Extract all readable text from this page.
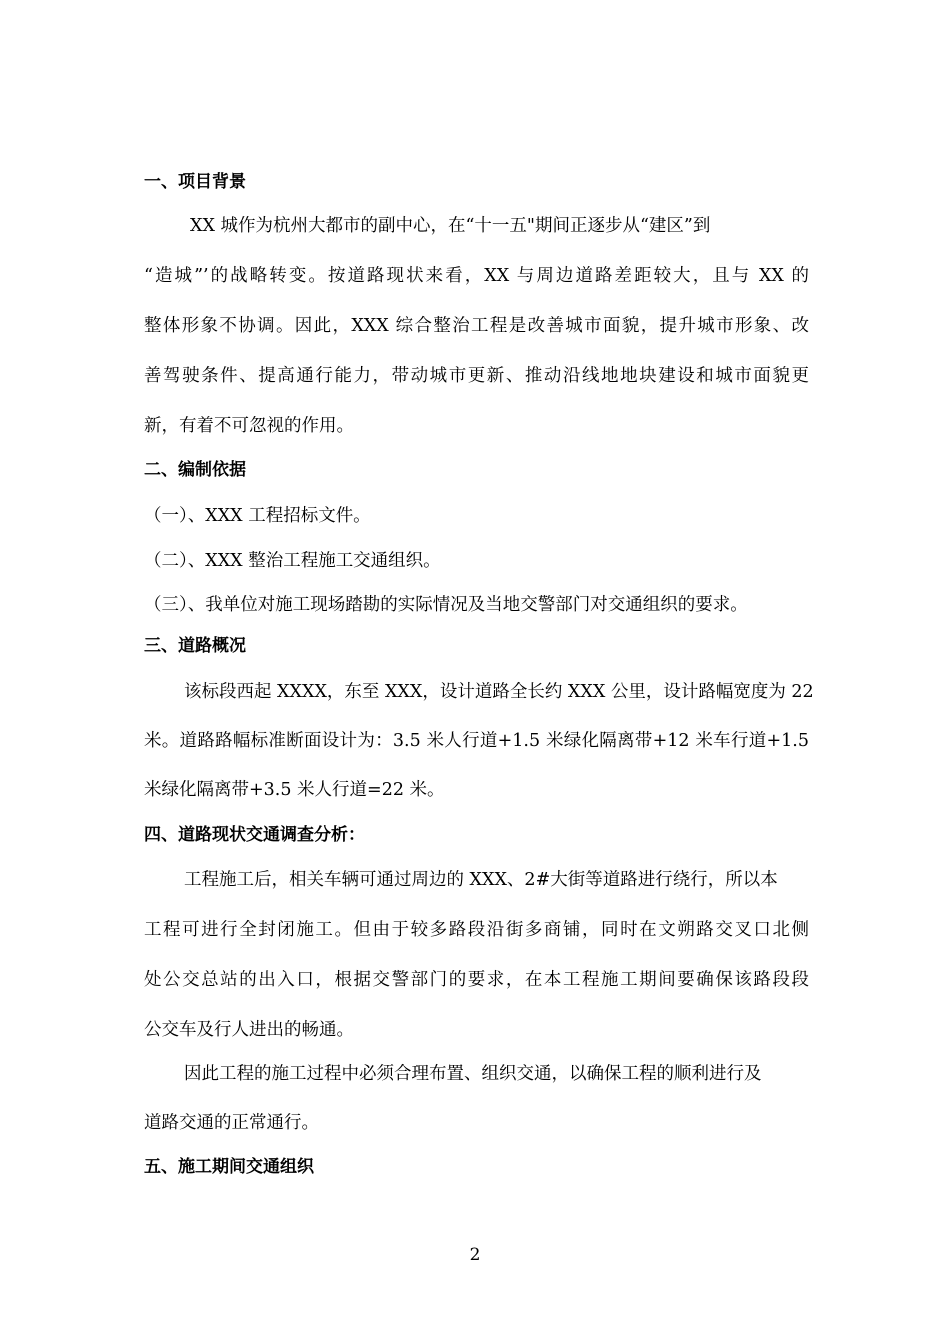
一、项目背景
XX 城作为杭州大都市的副中心，在“十一五"期间正逐步从“建区”到
“造城”’的战略转变。按道路现状来看，XX 与周边道路差距较大，且与 XX 的
整体形象不协调。因此，XXX 综合整治工程是改善城市面貌，提升城市形象、改
善驾驶条件、提高通行能力，带动城市更新、推动沿线地地块建设和城市面貌更
新，有着不可忽视的作用。
二、编制依据
（一）、XXX 工程招标文件。
（二）、XXX 整治工程施工交通组织。
（三）、我单位对施工现场踏勘的实际情况及当地交警部门对交通组织的要求。
三、道路概况
该标段西起 XXXX，东至 XXX，设计道路全长约 XXX 公里，设计路幅宽度为 22
米。道路路幅标准断面设计为：3.5 米人行道+1.5 米绿化隔离带+12 米车行道+1.5
米绿化隔离带+3.5 米人行道=22 米。
四、道路现状交通调查分析：
工程施工后，相关车辆可通过周边的 XXX、2#大街等道路进行绕行，所以本
工程可进行全封闭施工。但由于较多路段沿街多商铺，同时在文朔路交叉口北侧
处公交总站的出入口，根据交警部门的要求，在本工程施工期间要确保该路段段
公交车及行人进出的畅通。
因此工程的施工过程中必须合理布置、组织交通，以确保工程的顺利进行及
道路交通的正常通行。
五、施工期间交通组织
2
